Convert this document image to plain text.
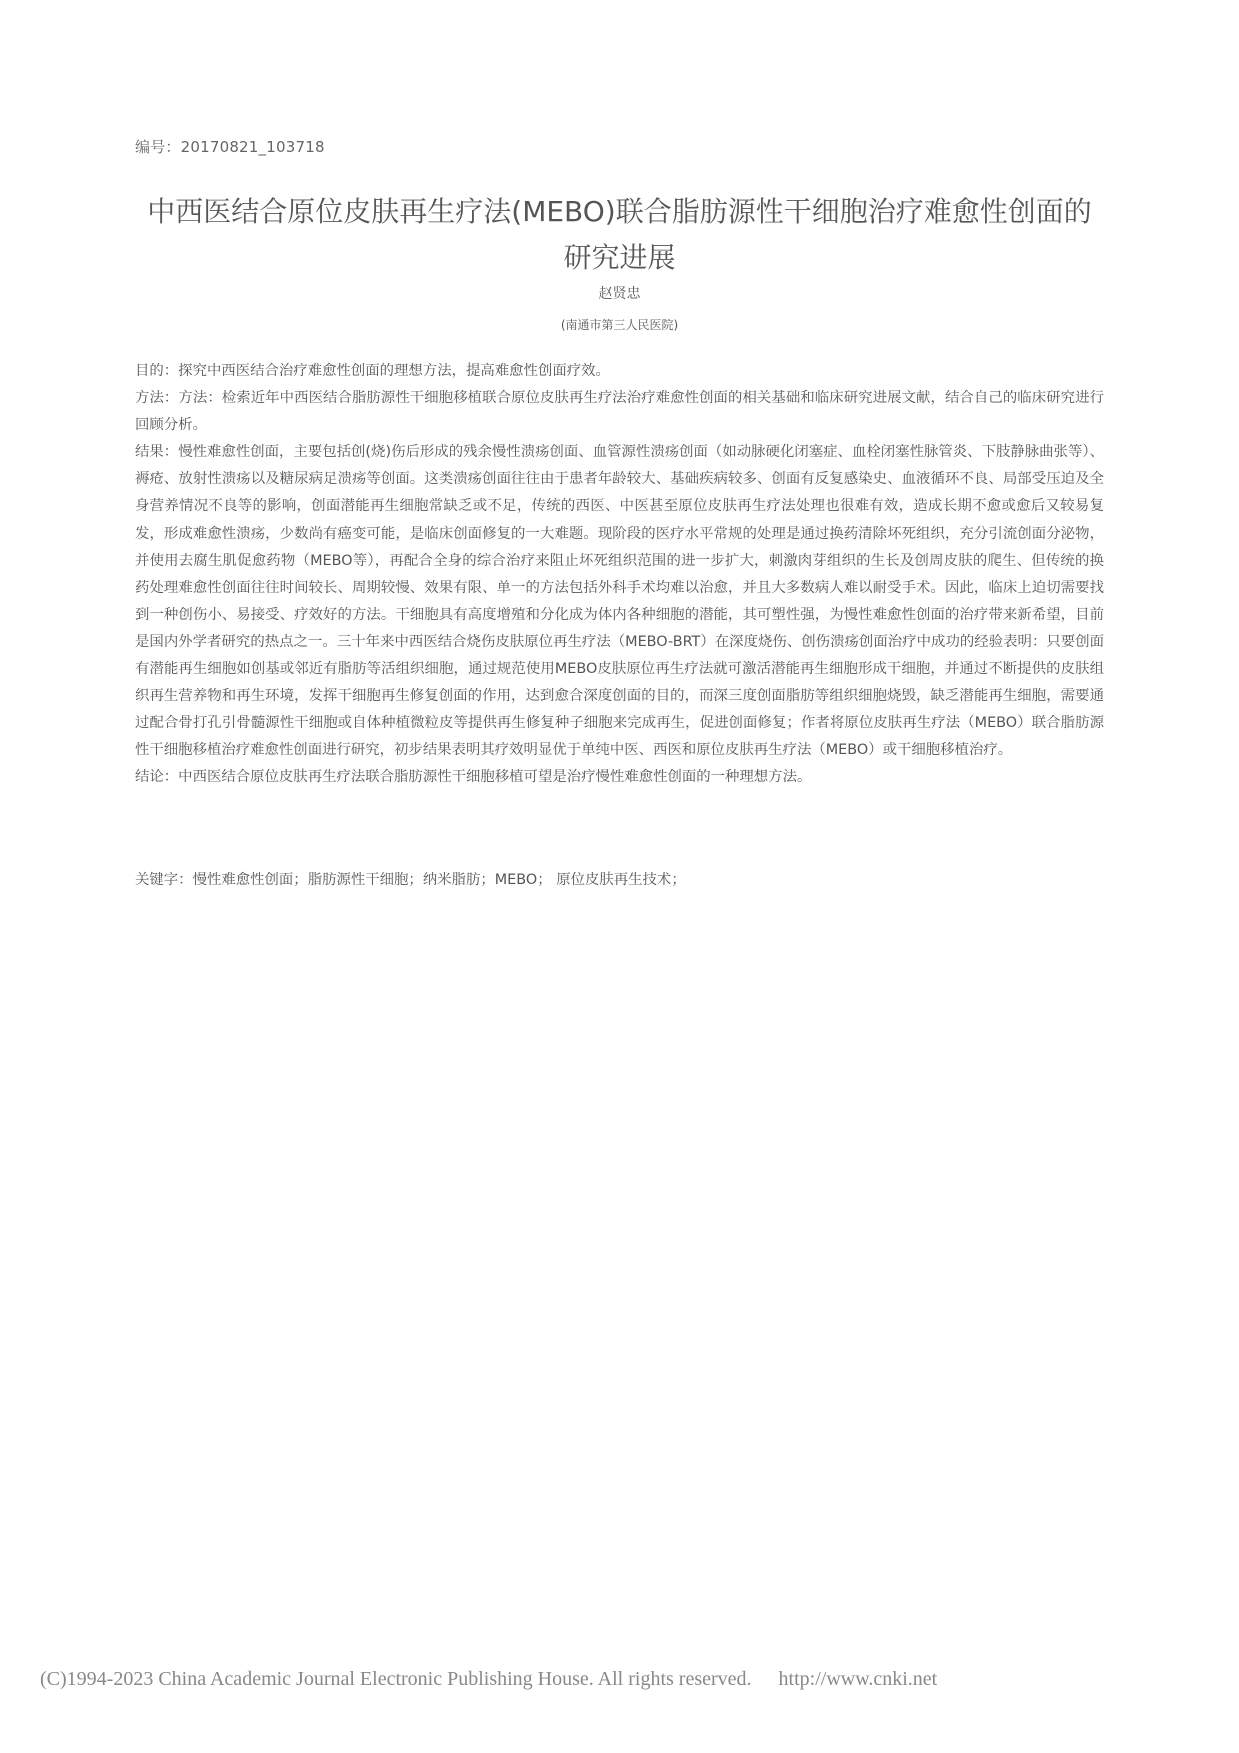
编号：20170821_103718
中西医结合原位皮肤再生疗法(MEBO)联合脂肪源性干细胞治疗难愈性创面的研究进展
赵贤忠
(南通市第三人民医院)

目的：探究中西医结合治疗难愈性创面的理想方法，提高难愈性创面疗效。

方法：方法：检索近年中西医结合脂肪源性干细胞移植联合原位皮肤再生疗法治疗难愈性创面的相关基础和临床研究进展文献，结合自己的临床研究进行回顾分析。

结果：慢性难愈性创面，主要包括创(烧)伤后形成的残余慢性溃疡创面、血管源性溃疡创面（如动脉硬化闭塞症、血栓闭塞性脉管炎、下肢静脉曲张等）、褥疮、放射性溃疡以及糖尿病足溃疡等创面。这类溃疡创面往往由于患者年龄较大、基础疾病较多、创面有反复感染史、血液循环不良、局部受压迫及全身营养情况不良等的影响，创面潜能再生细胞常缺乏或不足，传统的西医、中医甚至原位皮肤再生疗法处理也很难有效，造成长期不愈或愈后又较易复发，形成难愈性溃疡，少数尚有癌变可能，是临床创面修复的一大难题。现阶段的医疗水平常规的处理是通过换药清除坏死组织，充分引流创面分泌物，并使用去腐生肌促愈药物（MEBO等），再配合全身的综合治疗来阻止坏死组织范围的进一步扩大，刺激肉芽组织的生长及创周皮肤的爬生、但传统的换药处理难愈性创面往往时间较长、周期较慢、效果有限、单一的方法包括外科手术均难以治愈，并且大多数病人难以耐受手术。因此，临床上迫切需要找到一种创伤小、易接受、疗效好的方法。干细胞具有高度增殖和分化成为体内各种细胞的潜能，其可塑性强，为慢性难愈性创面的治疗带来新希望，目前是国内外学者研究的热点之一。三十年来中西医结合烧伤皮肤原位再生疗法（MEBO-BRT）在深度烧伤、创伤溃疡创面治疗中成功的经验表明：只要创面有潜能再生细胞如创基或邻近有脂肪等活组织细胞，通过规范使用MEBO皮肤原位再生疗法就可激活潜能再生细胞形成干细胞，并通过不断提供的皮肤组织再生营养物和再生环境，发挥干细胞再生修复创面的作用，达到愈合深度创面的目的，而深三度创面脂肪等组织细胞烧毁，缺乏潜能再生细胞，需要通过配合骨打孔引骨髓源性干细胞或自体种植微粒皮等提供再生修复种子细胞来完成再生，促进创面修复；作者将原位皮肤再生疗法（MEBO）联合脂肪源性干细胞移植治疗难愈性创面进行研究，初步结果表明其疗效明显优于单纯中医、西医和原位皮肤再生疗法（MEBO）或干细胞移植治疗。

结论：中西医结合原位皮肤再生疗法联合脂肪源性干细胞移植可望是治疗慢性难愈性创面的一种理想方法。

关键字：慢性难愈性创面；脂肪源性干细胞；纳米脂肪；MEBO； 原位皮肤再生技术；
(C)1994-2023 China Academic Journal Electronic Publishing House. All rights reserved. http://www.cnki.net
